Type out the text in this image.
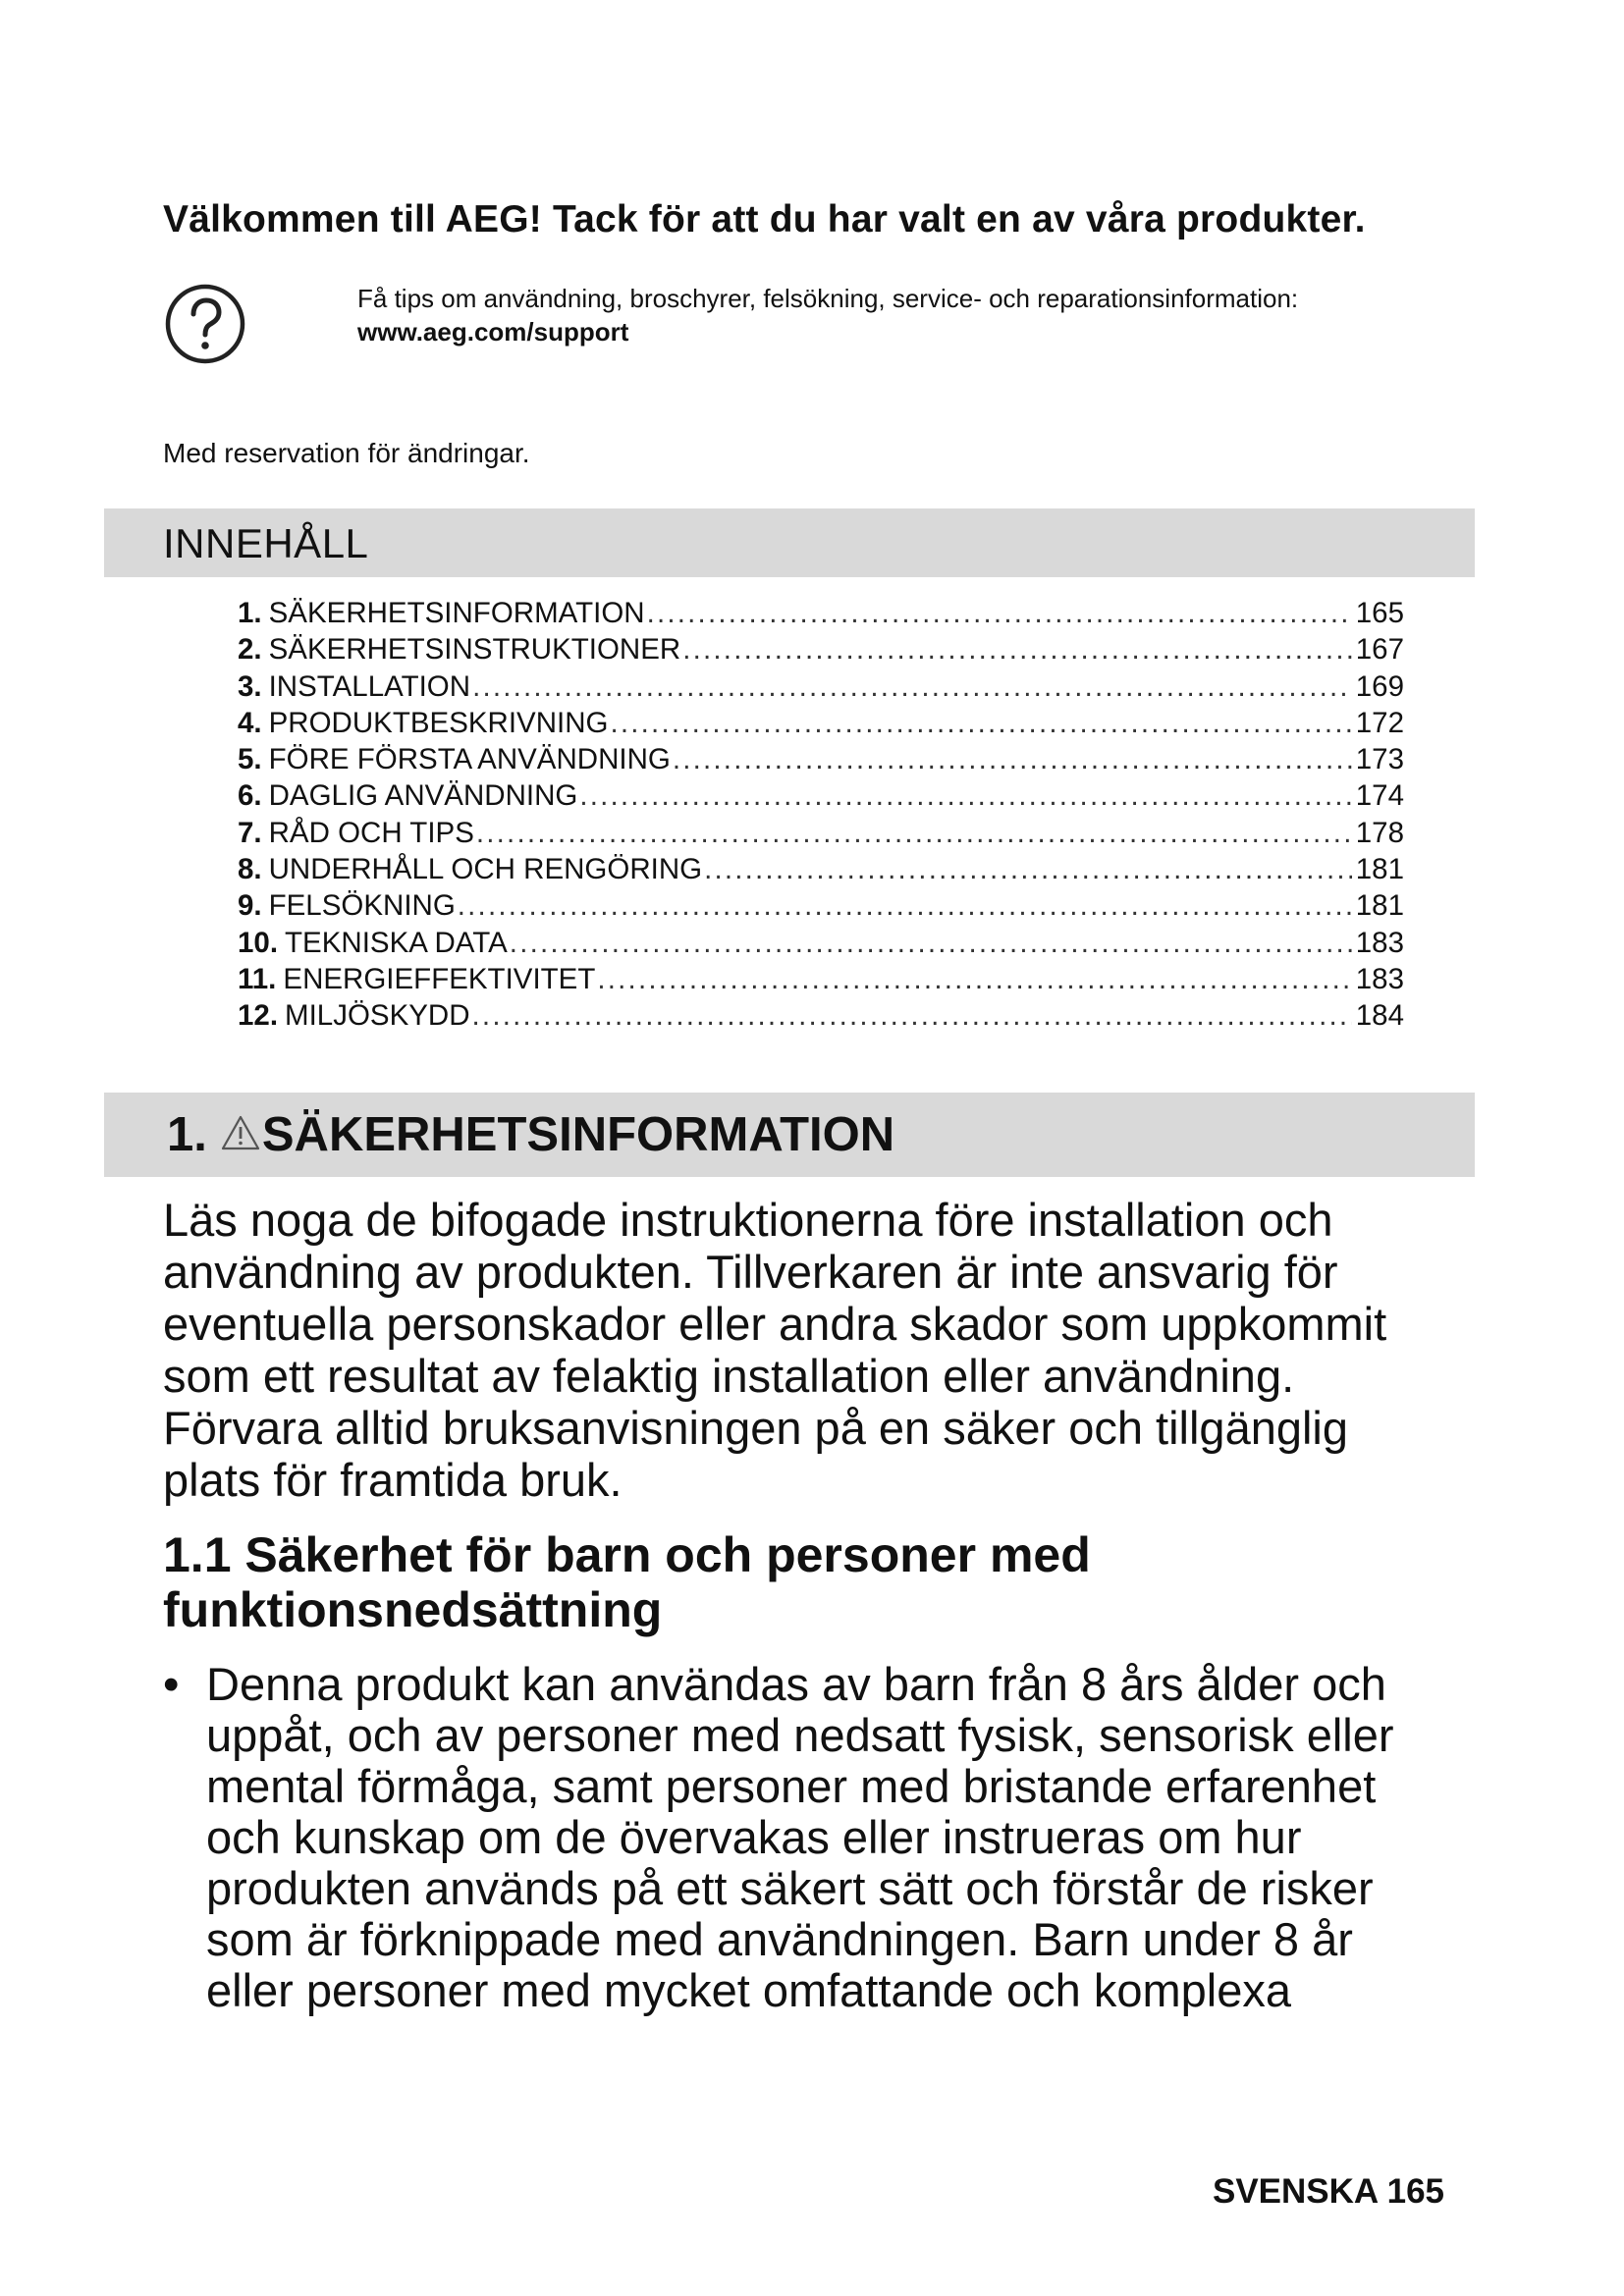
Välkommen till AEG! Tack för att du har valt en av våra produkter.
Få tips om användning, broschyrer, felsökning, service- och reparationsinformation:
www.aeg.com/support
Med reservation för ändringar.
INNEHÅLL
1. SÄKERHETSINFORMATION . . .	165
2. SÄKERHETSINSTRUKTIONER . . .	167
3. INSTALLATION . . .	169
4. PRODUKTBESKRIVNING . . .	172
5. FÖRE FÖRSTA ANVÄNDNING . . .	173
6. DAGLIG ANVÄNDNING . . .	174
7. RÅD OCH TIPS . . .	178
8. UNDERHÅLL OCH RENGÖRING . . .	181
9. FELSÖKNING . . .	181
10. TEKNISKA DATA . . .	183
11. ENERGIEFFEKTIVITET . . .	183
12. MILJÖSKYDD . . .	184
1. SÄKERHETSINFORMATION

Läs noga de bifogade instruktionerna före installation och
användning av produkten. Tillverkaren är inte ansvarig för
eventuella personskador eller andra skador som uppkommit
som ett resultat av felaktig installation eller användning.
Förvara alltid bruksanvisningen på en säker och tillgänglig
plats för framtida bruk.

1.1 Säkerhet för barn och personer med
funktionsnedsättning
• Denna produkt kan användas av barn från 8 års ålder och
uppåt, och av personer med nedsatt fysisk, sensorisk eller
mental förmåga, samt personer med bristande erfarenhet
och kunskap om de övervakas eller instrueras om hur
produkten används på ett säkert sätt och förstår de risker
som är förknippade med användningen. Barn under 8 år
eller personer med mycket omfattande och komplexa
SVENSKA 165
